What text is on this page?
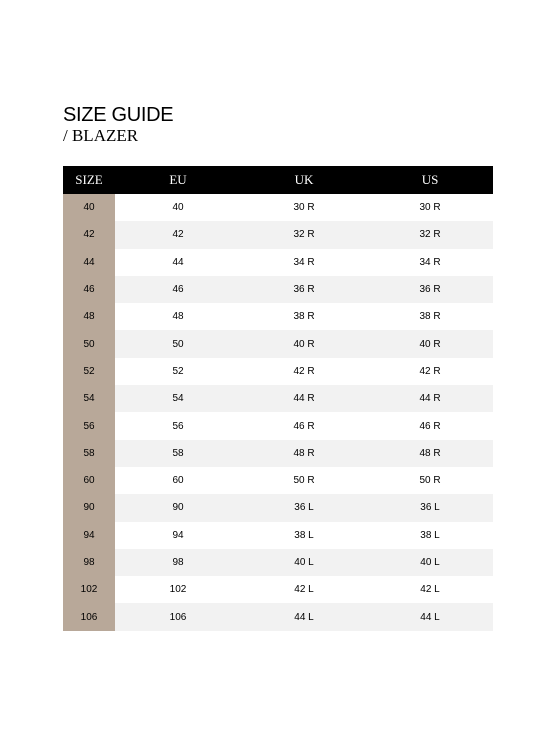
SIZE GUIDE
/ BLAZER
SIZE	EU	UK	US
40	40	30 R	30 R
42	42	32 R	32 R
44	44	34 R	34 R
46	46	36 R	36 R
48	48	38 R	38 R
50	50	40 R	40 R
52	52	42 R	42 R
54	54	44 R	44 R
56	56	46 R	46 R
58	58	48 R	48 R
60	60	50 R	50 R
90	90	36 L	36 L
94	94	38 L	38 L
98	98	40 L	40 L
102	102	42 L	42 L
106	106	44 L	44 L
